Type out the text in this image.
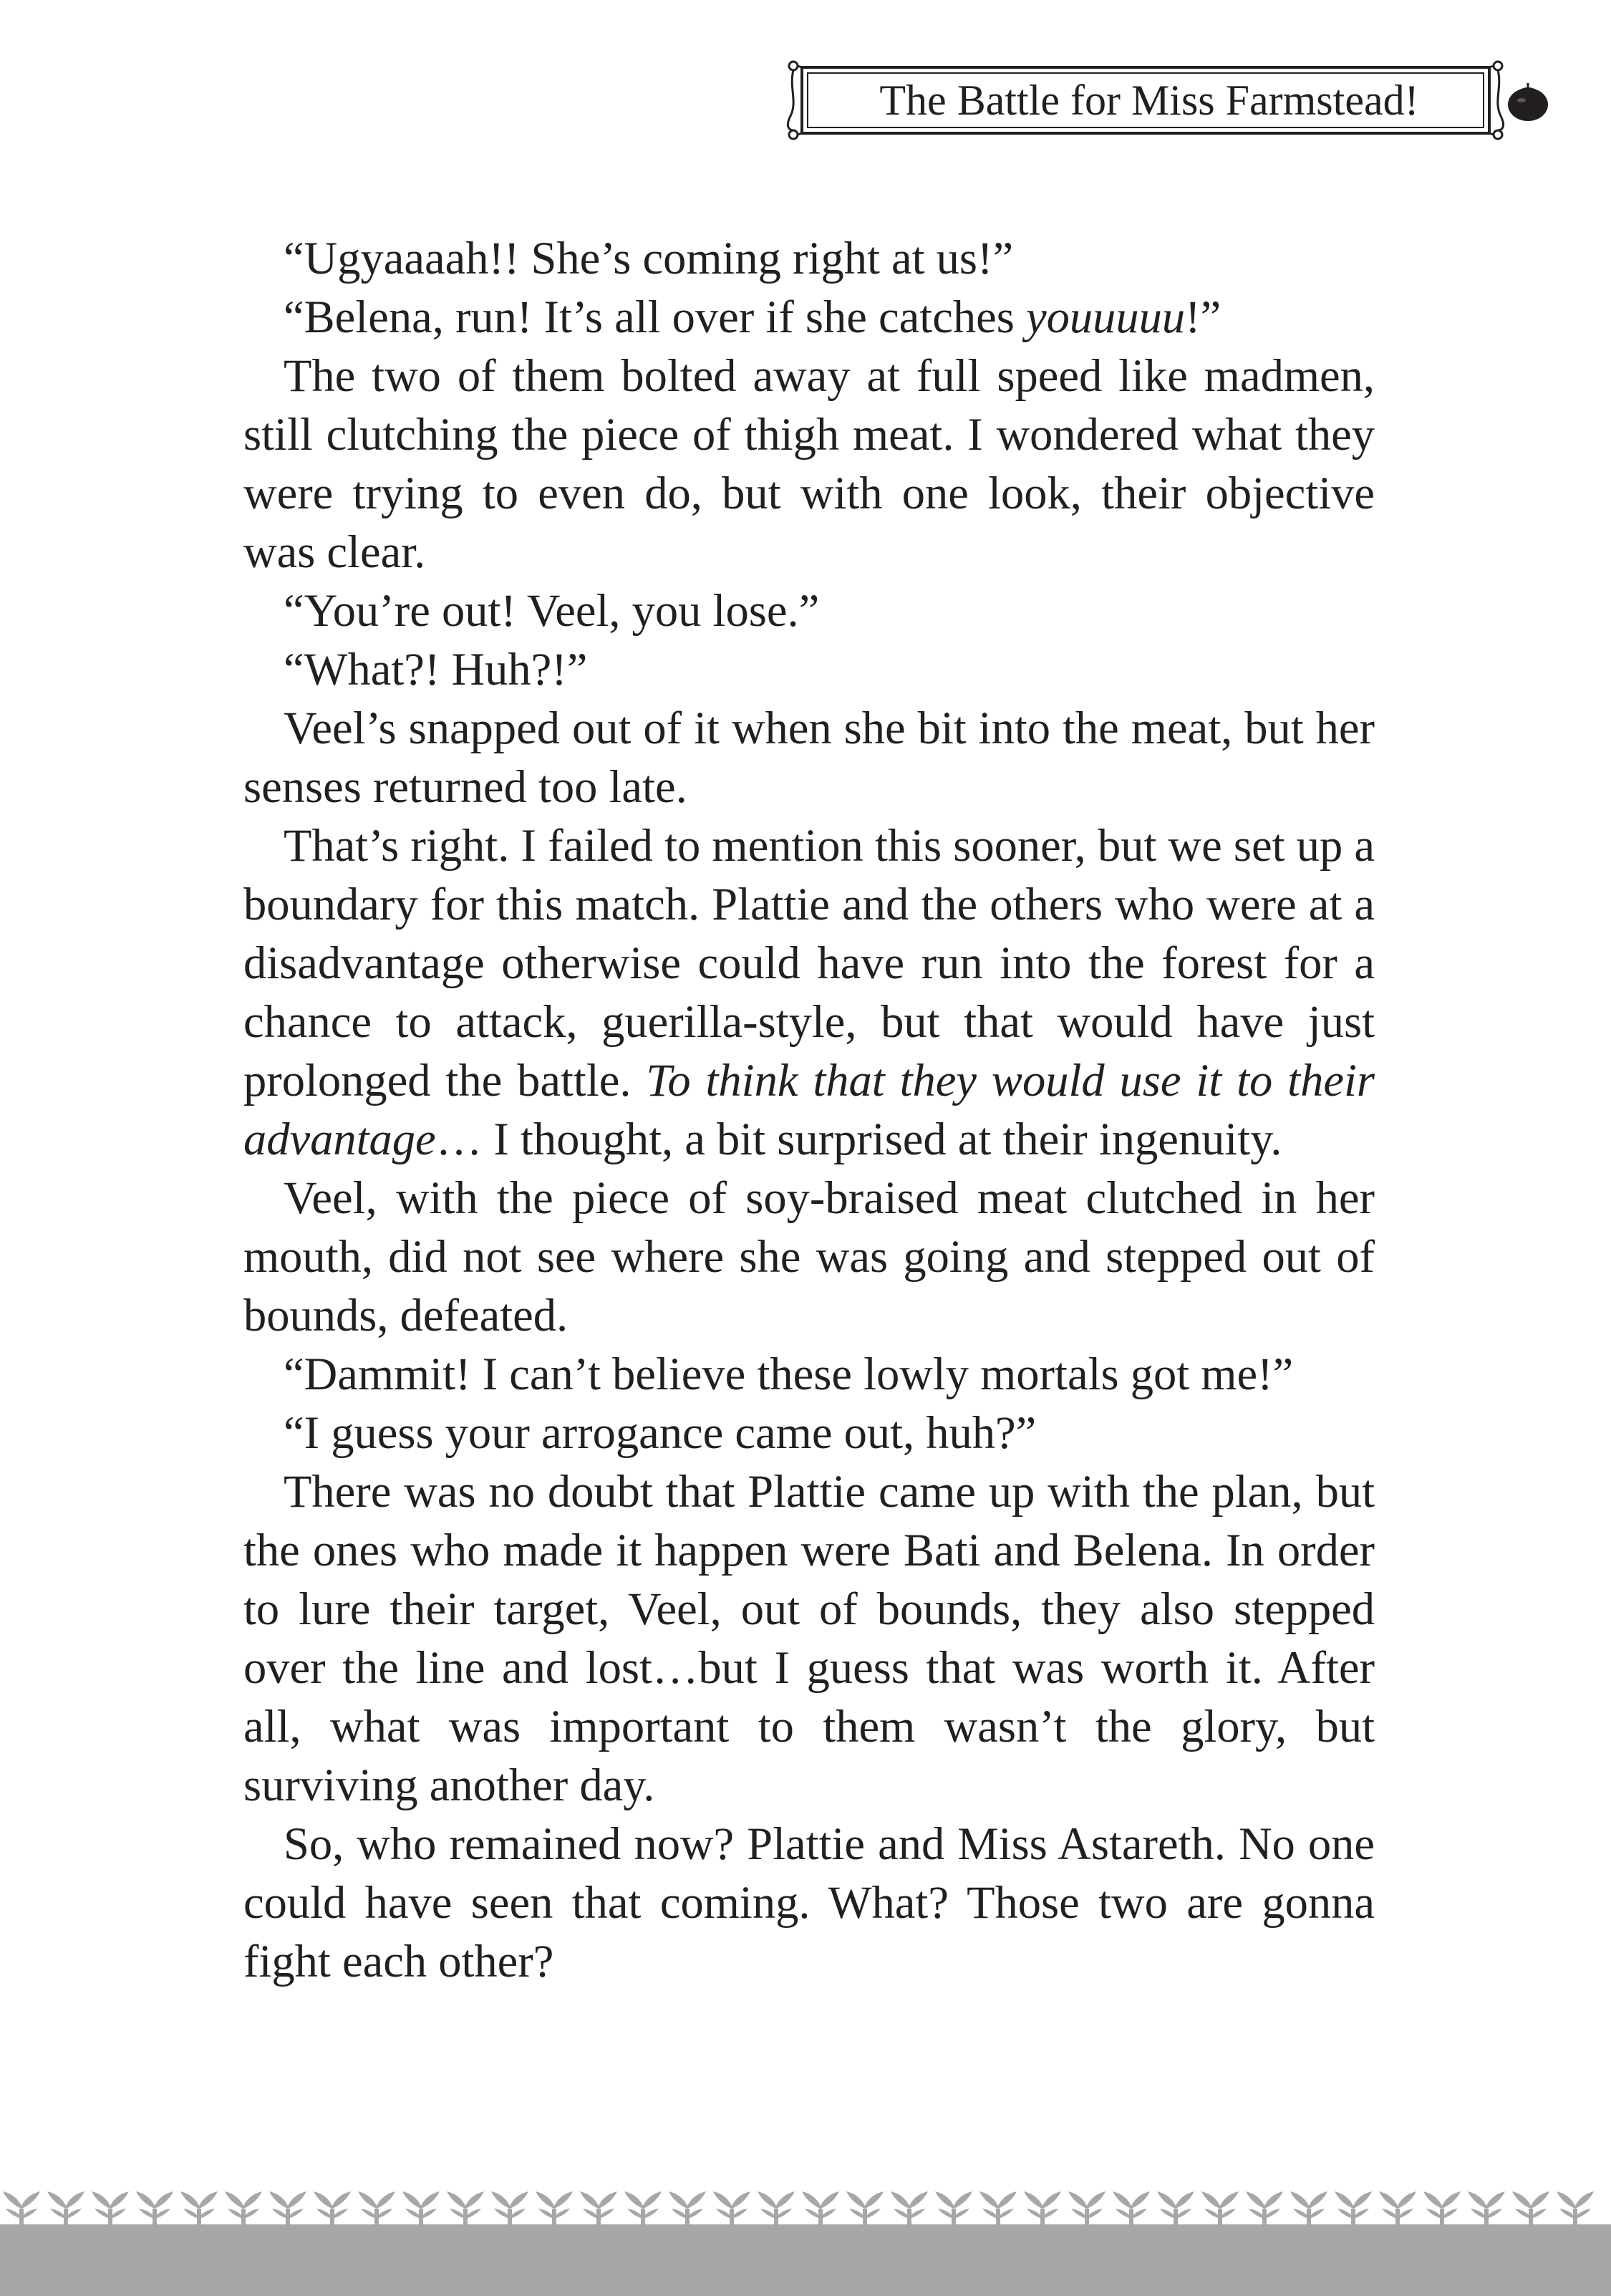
The Battle for Miss Farmstead!

“Ugyaaaah!! She’s coming right at us!”

“Belena, run! It’s all over if she catches youuuuu!”

The two of them bolted away at full speed like madmen, still clutching the piece of thigh meat. I wondered what they were trying to even do, but with one look, their objective was clear.

“You’re out! Veel, you lose.”

“What?! Huh?!”

Veel’s snapped out of it when she bit into the meat, but her senses returned too late.

That’s right. I failed to mention this sooner, but we set up a boundary for this match. Plattie and the others who were at a disadvantage otherwise could have run into the forest for a chance to attack, guerilla-style, but that would have just prolonged the battle. To think that they would use it to their advantage… I thought, a bit surprised at their ingenuity.

Veel, with the piece of soy-braised meat clutched in her mouth, did not see where she was going and stepped out of bounds, defeated.

“Dammit! I can’t believe these lowly mortals got me!”

“I guess your arrogance came out, huh?”

There was no doubt that Plattie came up with the plan, but the ones who made it happen were Bati and Belena. In order to lure their target, Veel, out of bounds, they also stepped over the line and lost…but I guess that was worth it. After all, what was important to them wasn’t the glory, but surviving another day.

So, who remained now? Plattie and Miss Astareth. No one could have seen that coming. What? Those two are gonna fight each other?
